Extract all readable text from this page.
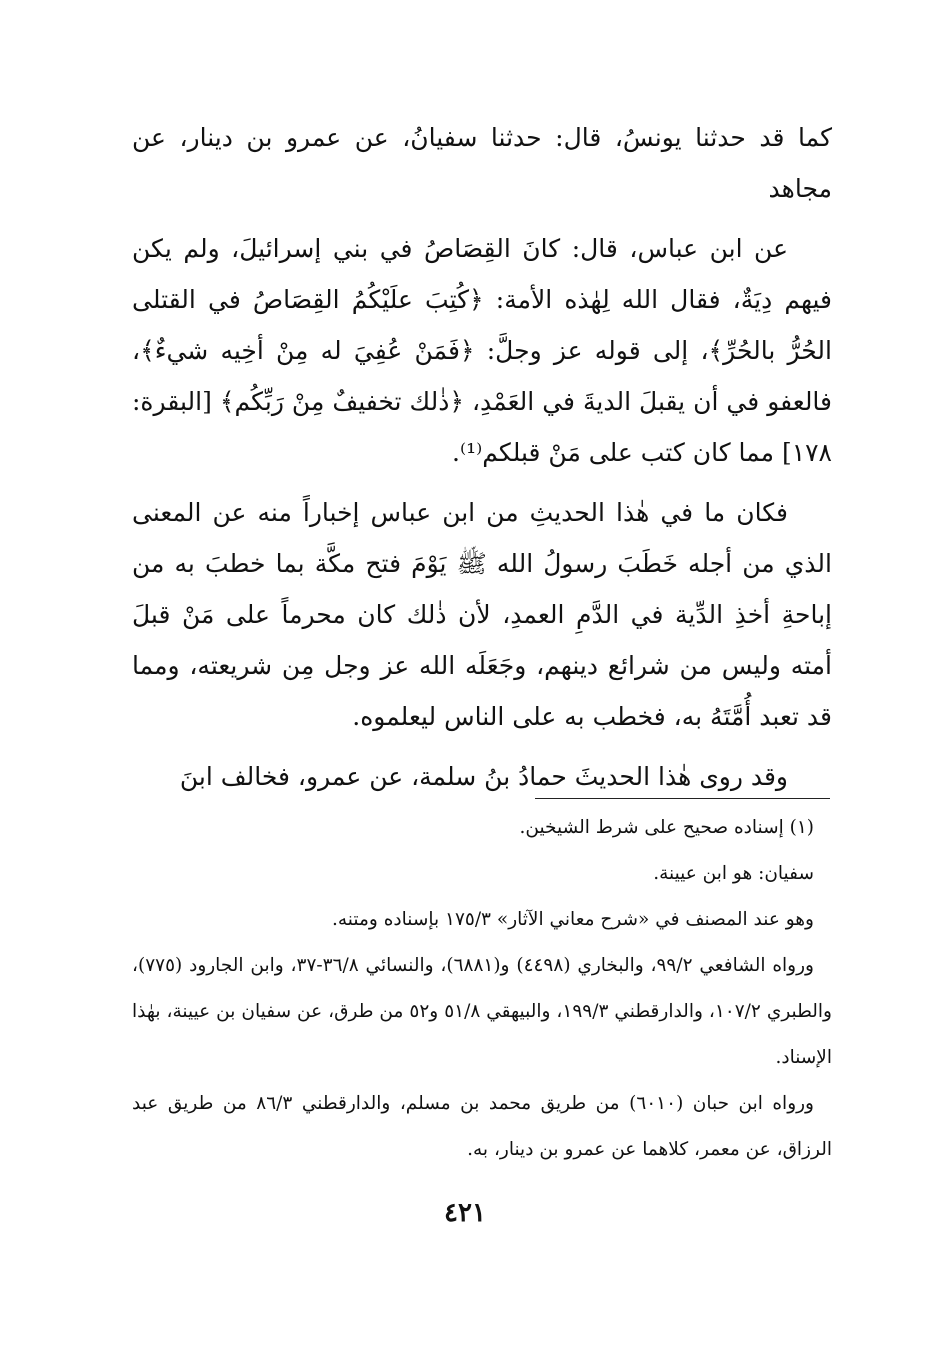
كما قد حدثنا يونسُ، قال: حدثنا سفيانُ، عن عمرو بن دينار، عن مجاهد

عن ابن عباس، قال: كانَ القِصَاصُ في بني إسرائيلَ، ولم يكن فيهم دِيَةٌ، فقال الله لِهٰذه الأمة: ﴿كُتِبَ علَيْكُمُ القِصَاصُ في القتلى الحُرُّ بالحُرِّ﴾، إلى قوله عز وجلَّ: ﴿فَمَنْ عُفِيَ له مِنْ أخِيه شيءٌ﴾، فالعفو في أن يقبلَ الديةَ في العَمْدِ، ﴿ذٰلك تخفيفٌ مِنْ رَبِّكُم﴾ [البقرة: ١٧٨] مما كان كتب على مَنْ قبلكم⁽¹⁾.

فكان ما في هٰذا الحديثِ من ابن عباس إخباراً منه عن المعنى الذي من أجله خَطَبَ رسولُ الله ﷺ يَوْمَ فتح مكَّة بما خطبَ به من إباحةِ أخذِ الدِّية في الدَّمِ العمدِ، لأن ذٰلك كان محرماً على مَنْ قبلَ أمته وليس من شرائع دينهم، وجَعَلَه الله عز وجل مِن شريعته، ومما قد تعبد أُمَّتَهُ به، فخطب به على الناس ليعلموه.

وقد روى هٰذا الحديثَ حمادُ بنُ سلمة، عن عمرو، فخالف ابنَ

(١) إسناده صحيح على شرط الشيخين.

سفيان: هو ابن عيينة.

وهو عند المصنف في «شرح معاني الآثار» ١٧٥/٣ بإسناده ومتنه.

ورواه الشافعي ٩٩/٢، والبخاري (٤٤٩٨) و(٦٨٨١)، والنسائي ٣٦/٨-٣٧، وابن الجارود (٧٧٥)، والطبري ١٠٧/٢، والدارقطني ١٩٩/٣، والبيهقي ٥١/٨ و٥٢ من طرق، عن سفيان بن عيينة، بهٰذا الإسناد.

ورواه ابن حبان (٦٠١٠) من طريق محمد بن مسلم، والدارقطني ٨٦/٣ من طريق عبد الرزاق، عن معمر، كلاهما عن عمرو بن دينار، به.

٤٢١
